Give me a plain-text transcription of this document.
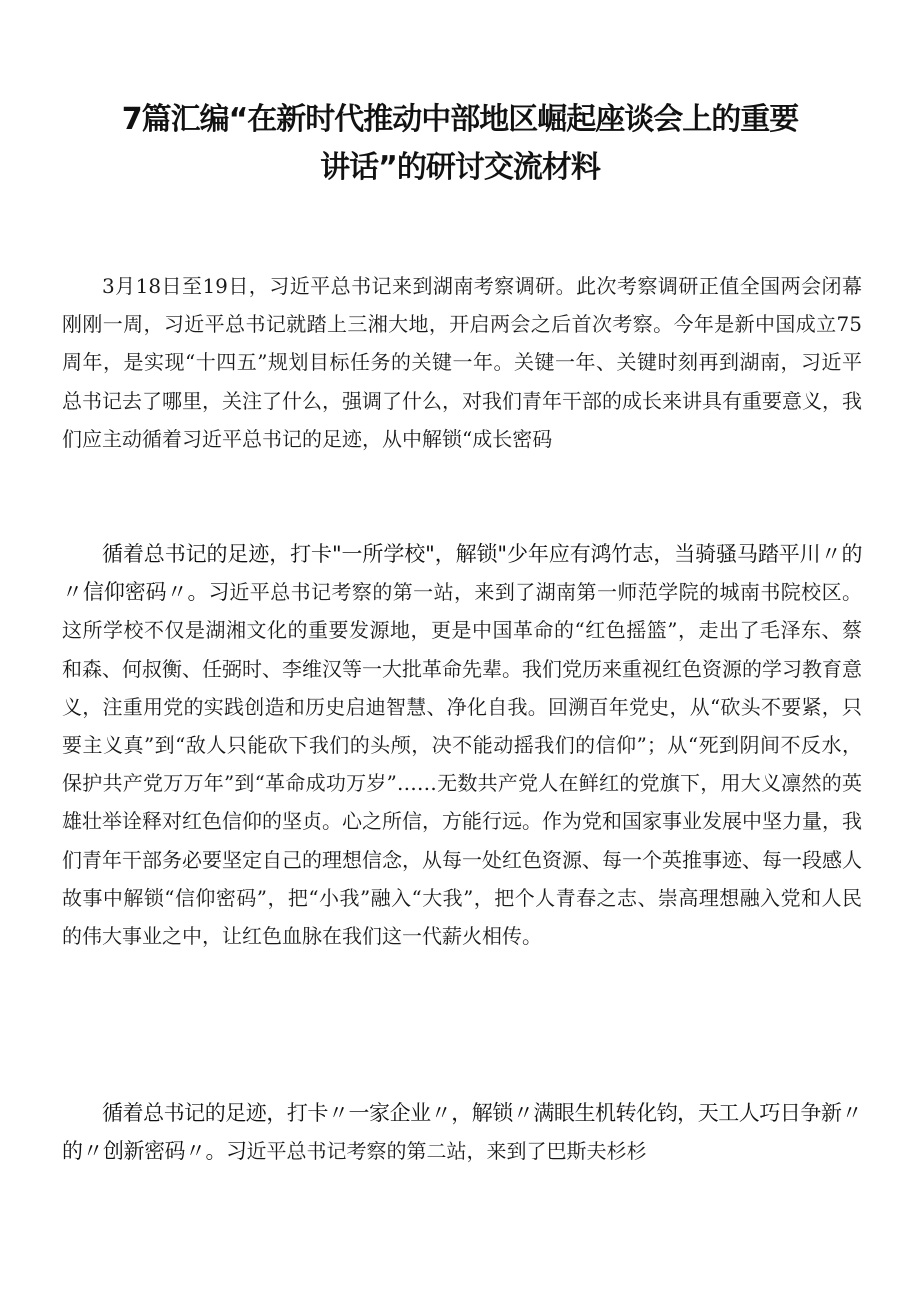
7篇汇编“在新时代推动中部地区崛起座谈会上的重要
讲话”的研讨交流材料

3月18日至19日，习近平总书记来到湖南考察调研。此次考察调研正值全国两会闭幕刚刚一周，习近平总书记就踏上三湘大地，开启两会之后首次考察。今年是新中国成立75周年，是实现“十四五”规划目标任务的关键一年。关键一年、关键时刻再到湖南，习近平总书记去了哪里，关注了什么，强调了什么，对我们青年干部的成长来讲具有重要意义，我们应主动循着习近平总书记的足迹，从中解锁“成长密码

循着总书记的足迹，打卡"一所学校"，解锁"少年应有鸿竹志，当骑骚马踏平川〃的〃信仰密码〃。习近平总书记考察的第一站，来到了湖南第一师范学院的城南书院校区。这所学校不仅是湖湘文化的重要发源地，更是中国革命的“红色摇篮”，走出了毛泽东、蔡和森、何叔衡、任弼时、李维汉等一大批革命先辈。我们党历来重视红色资源的学习教育意义，注重用党的实践创造和历史启迪智慧、净化自我。回溯百年党史，从“砍头不要紧，只要主义真”到“敌人只能砍下我们的头颅，决不能动摇我们的信仰”；从“死到阴间不反水，保护共产党万万年”到“革命成功万岁”……无数共产党人在鲜红的党旗下，用大义凛然的英雄壮举诠释对红色信仰的坚贞。心之所信，方能行远。作为党和国家事业发展中坚力量，我们青年干部务必要坚定自己的理想信念，从每一处红色资源、每一个英推事迹、每一段感人故事中解锁“信仰密码”，把“小我”融入“大我”，把个人青春之志、崇高理想融入党和人民的伟大事业之中，让红色血脉在我们这一代薪火相传。

循着总书记的足迹，打卡〃一家企业〃，解锁〃满眼生机转化钧，天工人巧日争新〃的〃创新密码〃。习近平总书记考察的第二站，来到了巴斯夫杉杉
